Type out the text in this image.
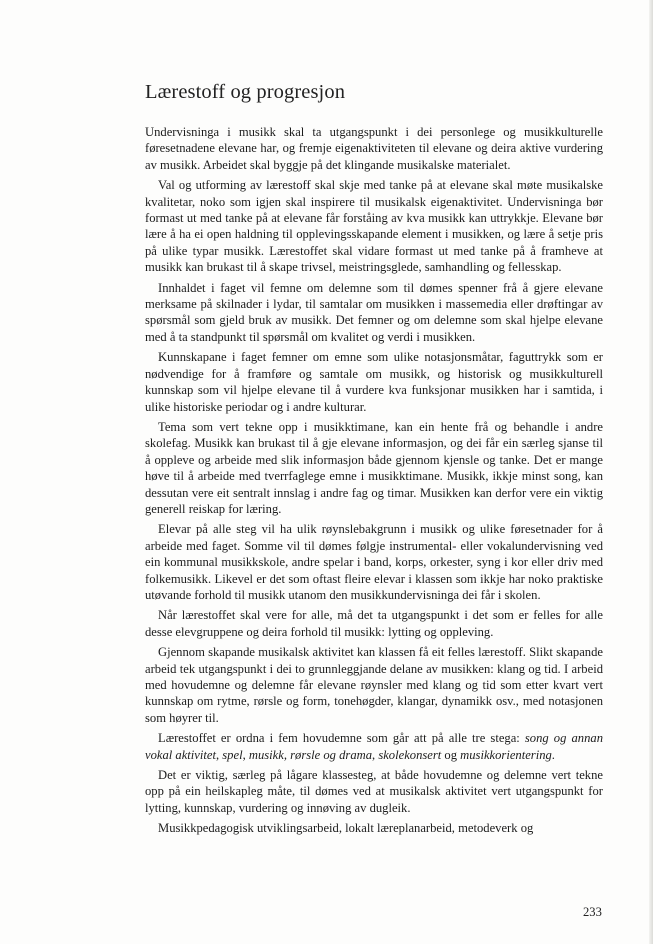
Lærestoff og progresjon

Undervisninga i musikk skal ta utgangspunkt i dei personlege og musikkulturelle føresetnadene elevane har, og fremje eigenaktiviteten til elevane og deira aktive vurdering av musikk. Arbeidet skal byggje på det klingande musikalske materialet.

Val og utforming av lærestoff skal skje med tanke på at elevane skal møte musikalske kvalitetar, noko som igjen skal inspirere til musikalsk eigenaktivitet. Undervisninga bør formast ut med tanke på at elevane får forståing av kva musikk kan uttrykkje. Elevane bør lære å ha ei open haldning til opplevingsskapande element i musikken, og lære å setje pris på ulike typar musikk. Lærestoffet skal vidare formast ut med tanke på å framheve at musikk kan brukast til å skape trivsel, meistringsglede, samhandling og fellesskap.

Innhaldet i faget vil femne om delemne som til dømes spenner frå å gjere elevane merksame på skilnader i lydar, til samtalar om musikken i massemedia eller drøftingar av spørsmål som gjeld bruk av musikk. Det femner og om delemne som skal hjelpe elevane med å ta standpunkt til spørsmål om kvalitet og verdi i musikken.

Kunnskapane i faget femner om emne som ulike notasjonsmåtar, faguttrykk som er nødvendige for å framføre og samtale om musikk, og historisk og musikkulturell kunnskap som vil hjelpe elevane til å vurdere kva funksjonar musikken har i samtida, i ulike historiske periodar og i andre kulturar.

Tema som vert tekne opp i musikktimane, kan ein hente frå og behandle i andre skolefag. Musikk kan brukast til å gje elevane informasjon, og dei får ein særleg sjanse til å oppleve og arbeide med slik informasjon både gjennom kjensle og tanke. Det er mange høve til å arbeide med tverrfaglege emne i musikktimane. Musikk, ikkje minst song, kan dessutan vere eit sentralt innslag i andre fag og timar. Musikken kan derfor vere ein viktig generell reiskap for læring.

Elevar på alle steg vil ha ulik røynslebakgrunn i musikk og ulike føresetnader for å arbeide med faget. Somme vil til dømes følgje instrumental- eller vokalundervisning ved ein kommunal musikkskole, andre spelar i band, korps, orkester, syng i kor eller driv med folkemusikk. Likevel er det som oftast fleire elevar i klassen som ikkje har noko praktiske utøvande forhold til musikk utanom den musikkundervisninga dei får i skolen.

Når lærestoffet skal vere for alle, må det ta utgangspunkt i det som er felles for alle desse elevgruppene og deira forhold til musikk: lytting og oppleving.

Gjennom skapande musikalsk aktivitet kan klassen få eit felles lærestoff. Slikt skapande arbeid tek utgangspunkt i dei to grunnleggjande delane av musikken: klang og tid. I arbeid med hovudemne og delemne får elevane røynsler med klang og tid som etter kvart vert kunnskap om rytme, rørsle og form, tonehøgder, klangar, dynamikk osv., med notasjonen som høyrer til.

Lærestoffet er ordna i fem hovudemne som går att på alle tre stega: song og annan vokal aktivitet, spel, musikk, rørsle og drama, skolekonsert og musikkorientering.

Det er viktig, særleg på lågare klassesteg, at både hovudemne og delemne vert tekne opp på ein heilskapleg måte, til dømes ved at musikalsk aktivitet vert utgangspunkt for lytting, kunnskap, vurdering og innøving av dugleik.

Musikkpedagogisk utviklingsarbeid, lokalt læreplanarbeid, metodeverk og

233
